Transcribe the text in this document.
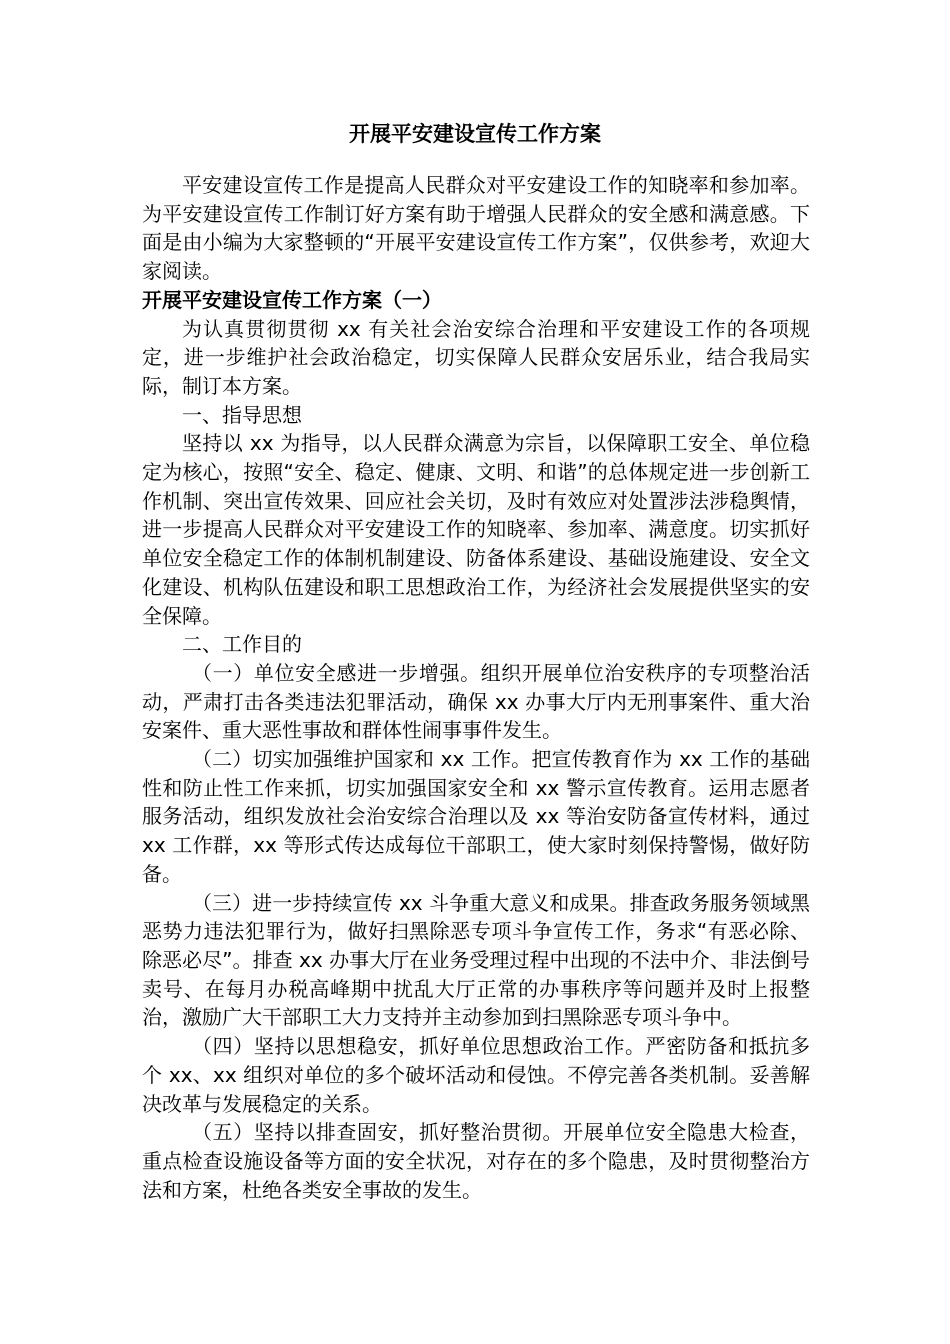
开展平安建设宣传工作方案

平安建设宣传工作是提高人民群众对平安建设工作的知晓率和参加率。为平安建设宣传工作制订好方案有助于增强人民群众的安全感和满意感。下面是由小编为大家整顿的“开展平安建设宣传工作方案”，仅供参考，欢迎大家阅读。

开展平安建设宣传工作方案（一）

为认真贯彻贯彻 xx 有关社会治安综合治理和平安建设工作的各项规定，进一步维护社会政治稳定，切实保障人民群众安居乐业，结合我局实际，制订本方案。

一、指导思想

坚持以 xx 为指导，以人民群众满意为宗旨，以保障职工安全、单位稳定为核心，按照“安全、稳定、健康、文明、和谐”的总体规定进一步创新工作机制、突出宣传效果、回应社会关切，及时有效应对处置涉法涉稳舆情，进一步提高人民群众对平安建设工作的知晓率、参加率、满意度。切实抓好单位安全稳定工作的体制机制建设、防备体系建设、基础设施建设、安全文化建设、机构队伍建设和职工思想政治工作，为经济社会发展提供坚实的安全保障。

二、工作目的

（一）单位安全感进一步增强。组织开展单位治安秩序的专项整治活动，严肃打击各类违法犯罪活动，确保 xx 办事大厅内无刑事案件、重大治安案件、重大恶性事故和群体性闹事事件发生。

（二）切实加强维护国家和 xx 工作。把宣传教育作为 xx 工作的基础性和防止性工作来抓，切实加强国家安全和 xx 警示宣传教育。运用志愿者服务活动，组织发放社会治安综合治理以及 xx 等治安防备宣传材料，通过 xx 工作群，xx 等形式传达成每位干部职工，使大家时刻保持警惕，做好防备。

（三）进一步持续宣传 xx 斗争重大意义和成果。排查政务服务领域黑恶势力违法犯罪行为，做好扫黑除恶专项斗争宣传工作，务求“有恶必除、除恶必尽”。排查 xx 办事大厅在业务受理过程中出现的不法中介、非法倒号卖号、在每月办税高峰期中扰乱大厅正常的办事秩序等问题并及时上报整治，激励广大干部职工大力支持并主动参加到扫黑除恶专项斗争中。

（四）坚持以思想稳安，抓好单位思想政治工作。严密防备和抵抗多个 xx、xx 组织对单位的多个破坏活动和侵蚀。不停完善各类机制。妥善解决改革与发展稳定的关系。

（五）坚持以排查固安，抓好整治贯彻。开展单位安全隐患大检查，重点检查设施设备等方面的安全状况，对存在的多个隐患，及时贯彻整治方法和方案，杜绝各类安全事故的发生。
